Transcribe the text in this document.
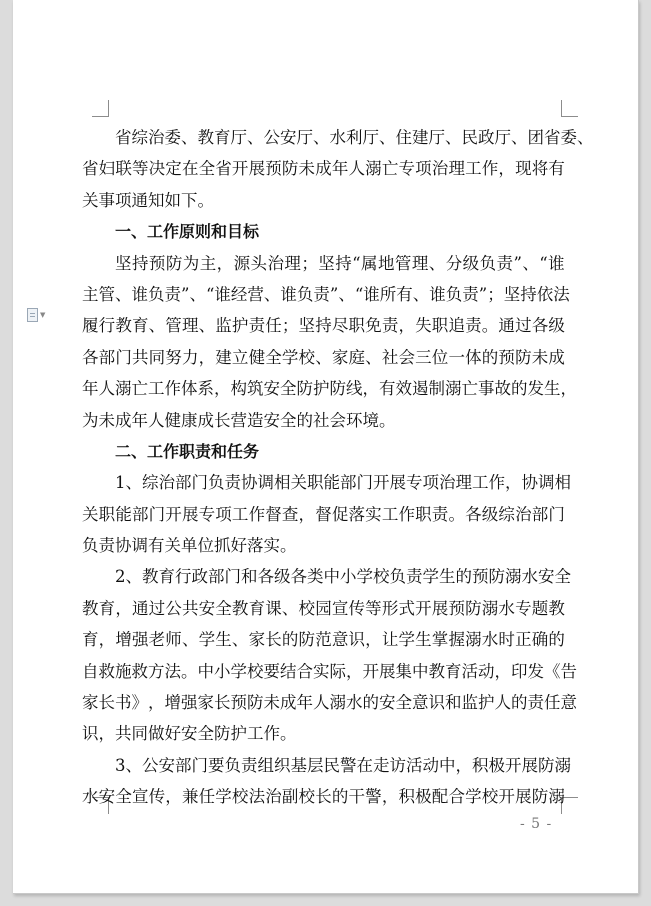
▼
省 综 治 委 、 教 育 厅 、 公 安 厅 、 水 利 厅 、 住 建 厅 、 民 政 厅 、 团 省 委 、
省 妇 联 等 决 定 在 全 省 开 展 预 防 未 成 年 人 溺 亡 专 项 治 理 工 作 ， 现 将 有
关事项通知如下。
一、工作原则和目标
坚 持 预 防 为 主 ， 源 头 治 理 ； 坚 持 “ 属 地 管 理 、 分 级 负 责 ” 、 “ 谁
主 管 、 谁 负 责 ” 、 “ 谁 经 营 、 谁 负 责 ” 、 “ 谁 所 有 、 谁 负 责 ” ； 坚 持 依 法
履 行 教 育 、 管 理 、 监 护 责 任 ； 坚 持 尽 职 免 责 ， 失 职 追 责 。 通 过 各 级
各 部 门 共 同 努 力 ， 建 立 健 全 学 校 、 家 庭 、 社 会 三 位 一 体 的 预 防 未 成
年 人 溺 亡 工 作 体 系 ， 构 筑 安 全 防 护 防 线 ， 有 效 遏 制 溺 亡 事 故 的 发 生 ，
为未成年人健康成长营造安全的社会环境。
二、工作职责和任务
1 、 综 治 部 门 负 责 协 调 相 关 职 能 部 门 开 展 专 项 治 理 工 作 ， 协 调 相
关 职 能 部 门 开 展 专 项 工 作 督 查 ， 督 促 落 实 工 作 职 责 。 各 级 综 治 部 门
负责协调有关单位抓好落实。
2 、 教 育 行 政 部 门 和 各 级 各 类 中 小 学 校 负 责 学 生 的 预 防 溺 水 安 全
教 育 ， 通 过 公 共 安 全 教 育 课 、 校 园 宣 传 等 形 式 开 展 预 防 溺 水 专 题 教
育 ， 增 强 老 师 、 学 生 、 家 长 的 防 范 意 识 ， 让 学 生 掌 握 溺 水 时 正 确 的
自 救 施 救 方 法 。 中 小 学 校 要 结 合 实 际 ， 开 展 集 中 教 育 活 动 ， 印 发 《 告
家 长 书 》 ， 增 强 家 长 预 防 未 成 年 人 溺 水 的 安 全 意 识 和 监 护 人 的 责 任 意
识，共同做好安全防护工作。
3 、 公 安 部 门 要 负 责 组 织 基 层 民 警 在 走 访 活 动 中 ， 积 极 开 展 防 溺
水 安 全 宣 传 ， 兼 任 学 校 法 治 副 校 长 的 干 警 ， 积 极 配 合 学 校 开 展 防 溺
- 5 -
